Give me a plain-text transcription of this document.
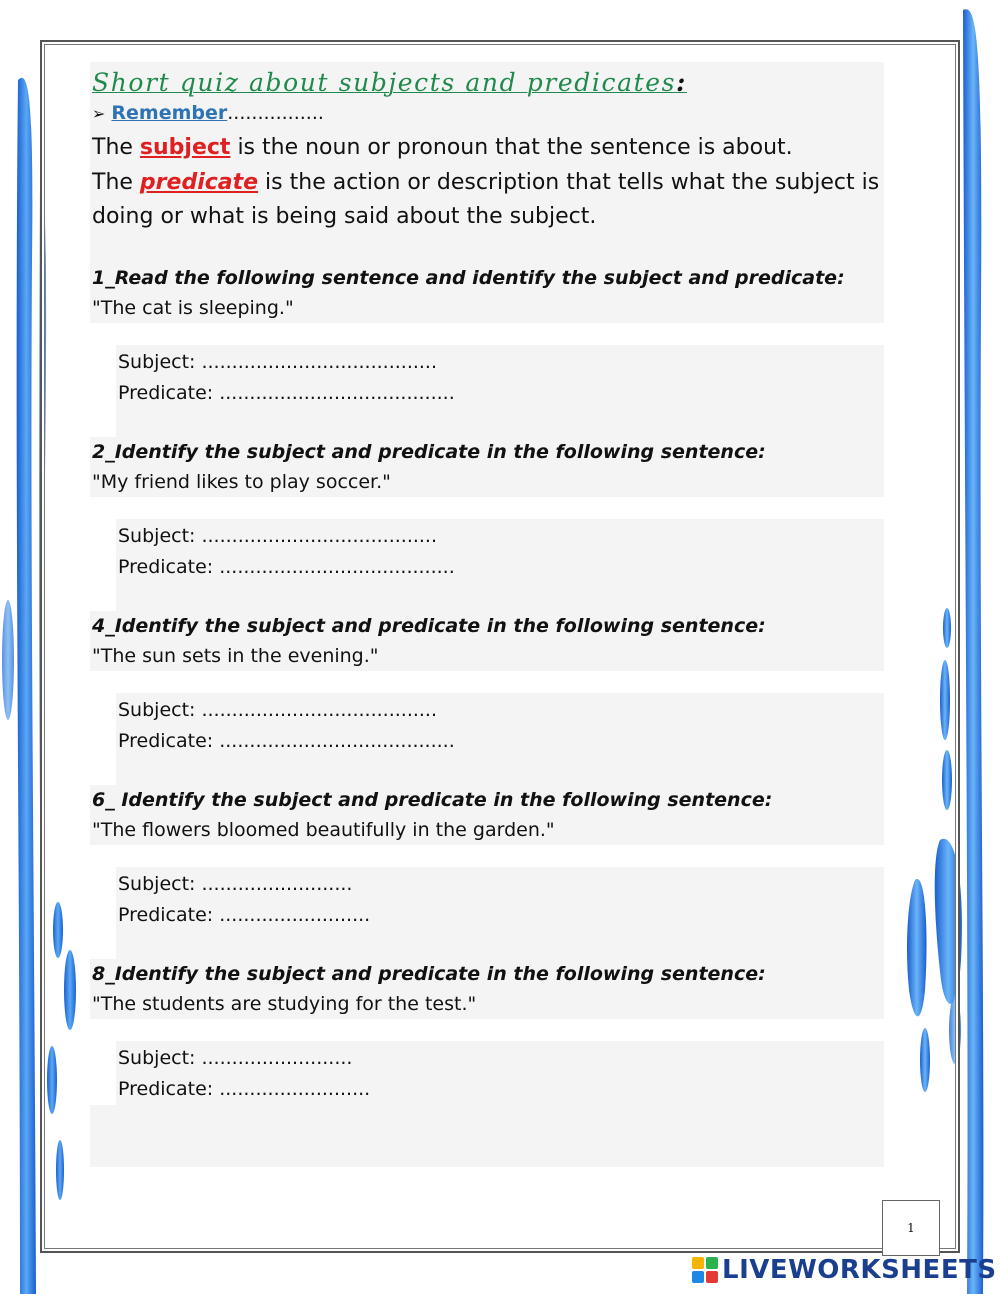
Short quiz about subjects and predicates:
➢ Remember................
The subject is the noun or pronoun that the sentence is about.
The predicate is the action or description that tells what the subject is doing or what is being said about the subject.
1_Read the following sentence and identify the subject and predicate:
"The cat is sleeping."
Subject: .......................................
Predicate: .......................................
2_Identify the subject and predicate in the following sentence:
"My friend likes to play soccer."
Subject: .......................................
Predicate: .......................................
4_Identify the subject and predicate in the following sentence:
"The sun sets in the evening."
Subject: .......................................
Predicate: .......................................
6_ Identify the subject and predicate in the following sentence:
"The flowers bloomed beautifully in the garden."
Subject: .........................
Predicate: .........................
8_Identify the subject and predicate in the following sentence:
"The students are studying for the test."
Subject: .........................
Predicate: .........................
1
LIVEWORKSHEETS
